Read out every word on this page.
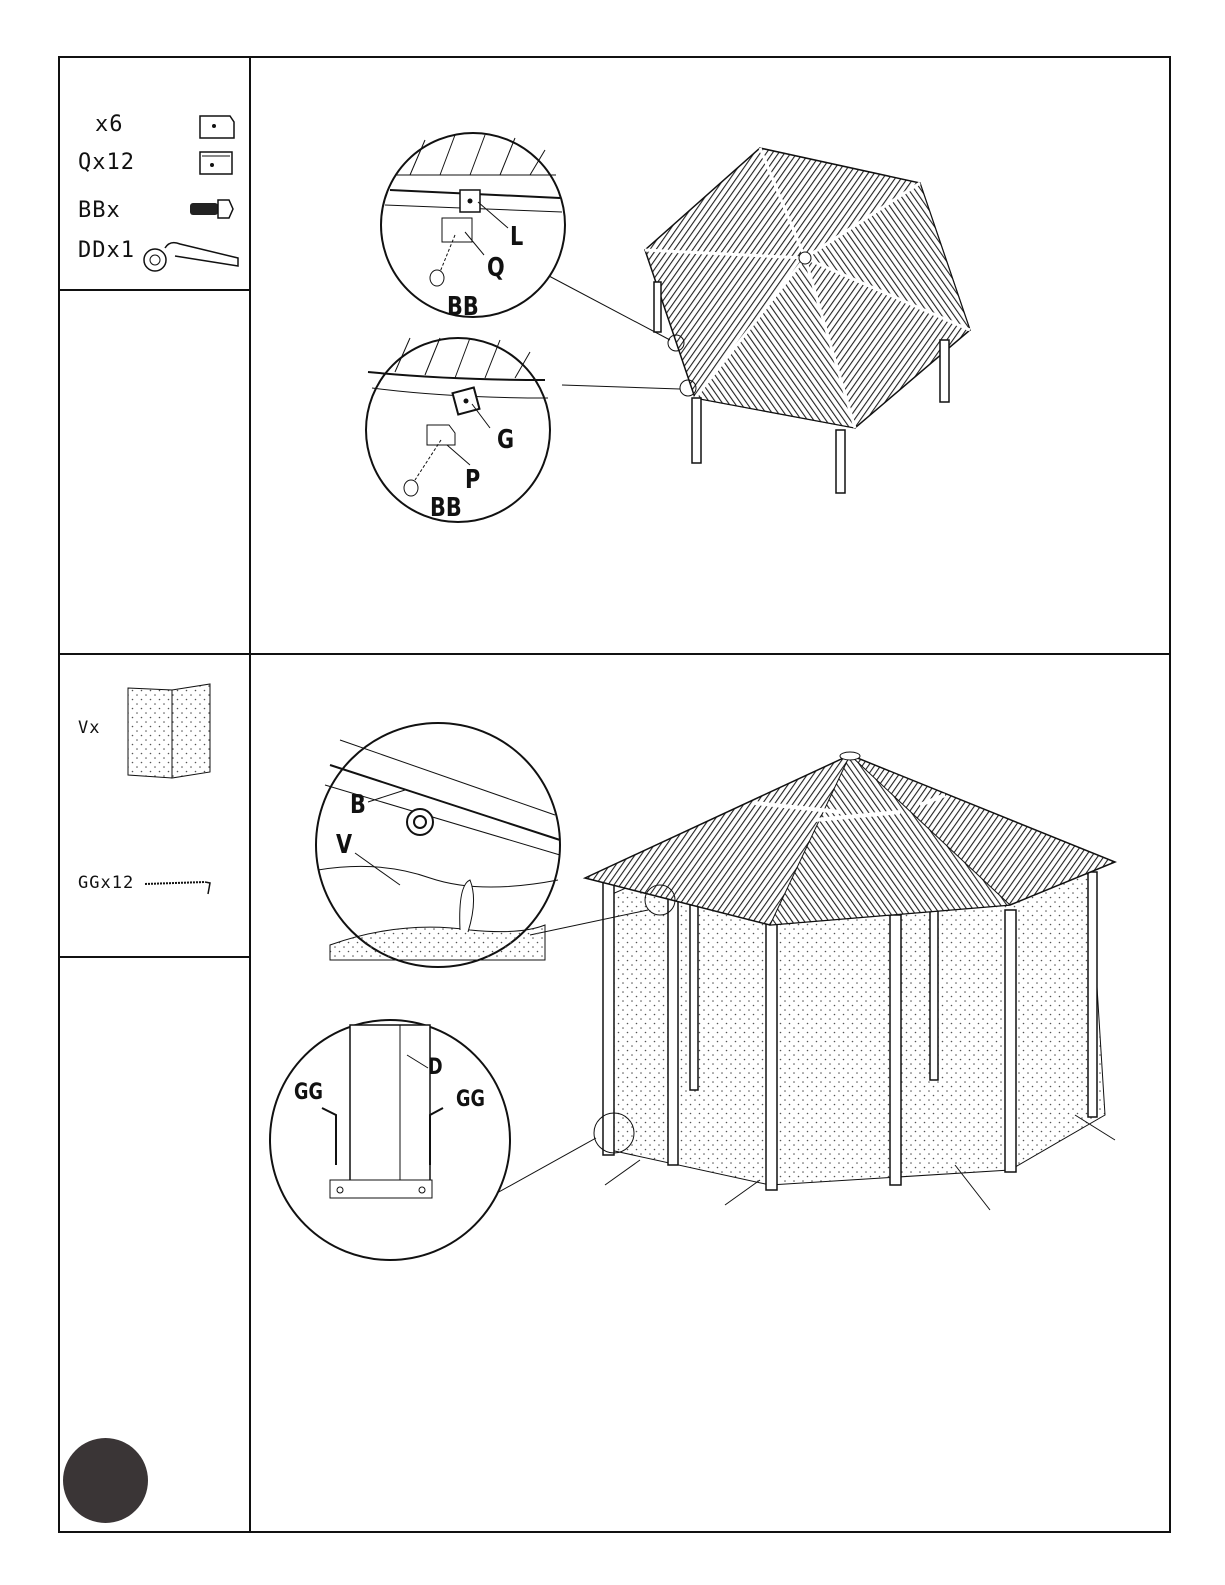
x6
Qx12
BBx
DDx1
Vx
GGx12
L
Q
BB
G
P
BB
B
V
D
GG	GG
